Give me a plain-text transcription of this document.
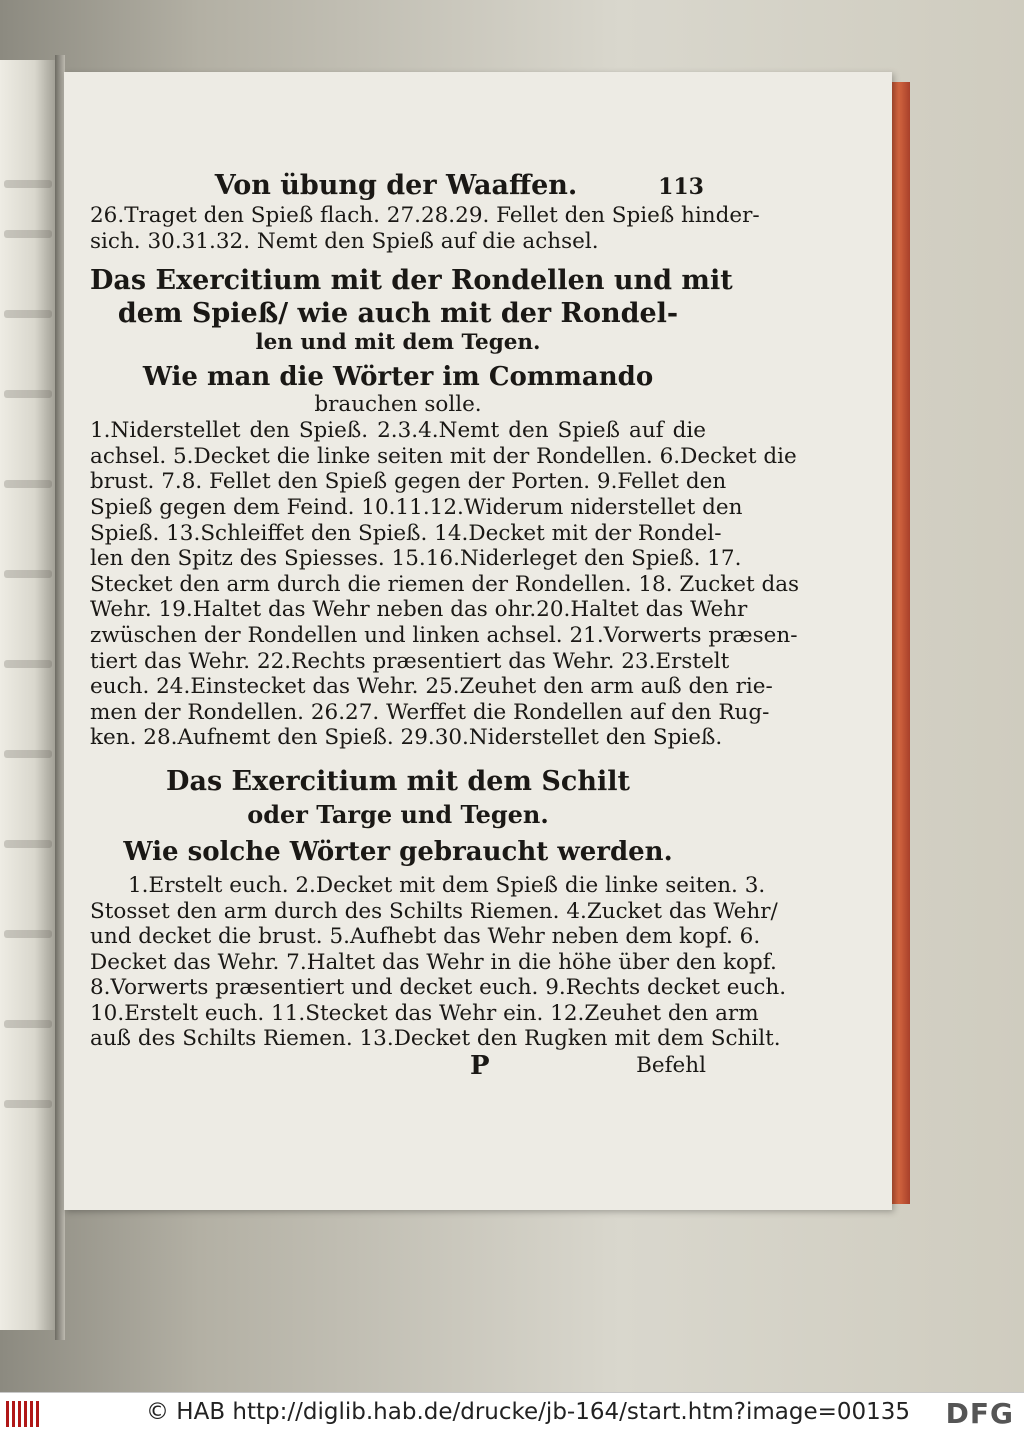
Von übung der Waaffen.	113
26.Traget den Spieß flach. 27.28.29. Fellet den Spieß hinder-
sich. 30.31.32. Nemt den Spieß auf die achsel.
Das Exercitium mit der Rondellen und mit
dem Spieß/ wie auch mit der Rondel-
len und mit dem Tegen.
Wie man die Wörter im Commando
brauchen solle.
1.Niderstellet den Spieß. 2.3.4.Nemt den Spieß auf die
achsel. 5.Decket die linke seiten mit der Rondellen. 6.Decket die
brust. 7.8. Fellet den Spieß gegen der Porten. 9.Fellet den
Spieß gegen dem Feind. 10.11.12.Widerum niderstellet den
Spieß. 13.Schleiffet den Spieß. 14.Decket mit der Rondel-
len den Spitz des Spiesses. 15.16.Niderleget den Spieß. 17.
Stecket den arm durch die riemen der Rondellen. 18. Zucket das
Wehr. 19.Haltet das Wehr neben das ohr.20.Haltet das Wehr
zwüschen der Rondellen und linken achsel. 21.Vorwerts præsen-
tiert das Wehr. 22.Rechts præsentiert das Wehr. 23.Erstelt
euch. 24.Einstecket das Wehr. 25.Zeuhet den arm auß den rie-
men der Rondellen. 26.27. Werffet die Rondellen auf den Rug-
ken. 28.Aufnemt den Spieß. 29.30.Niderstellet den Spieß.
Das Exercitium mit dem Schilt
oder Targe und Tegen.
Wie solche Wörter gebraucht werden.
1.Erstelt euch. 2.Decket mit dem Spieß die linke seiten. 3.
Stosset den arm durch des Schilts Riemen. 4.Zucket das Wehr/
und decket die brust. 5.Aufhebt das Wehr neben dem kopf. 6.
Decket das Wehr. 7.Haltet das Wehr in die höhe über den kopf.
8.Vorwerts præsentiert und decket euch. 9.Rechts decket euch.
10.Erstelt euch. 11.Stecket das Wehr ein. 12.Zeuhet den arm
auß des Schilts Riemen. 13.Decket den Rugken mit dem Schilt.
P	Befehl
© HAB http://diglib.hab.de/drucke/jb-164/start.htm?image=00135 DFG
